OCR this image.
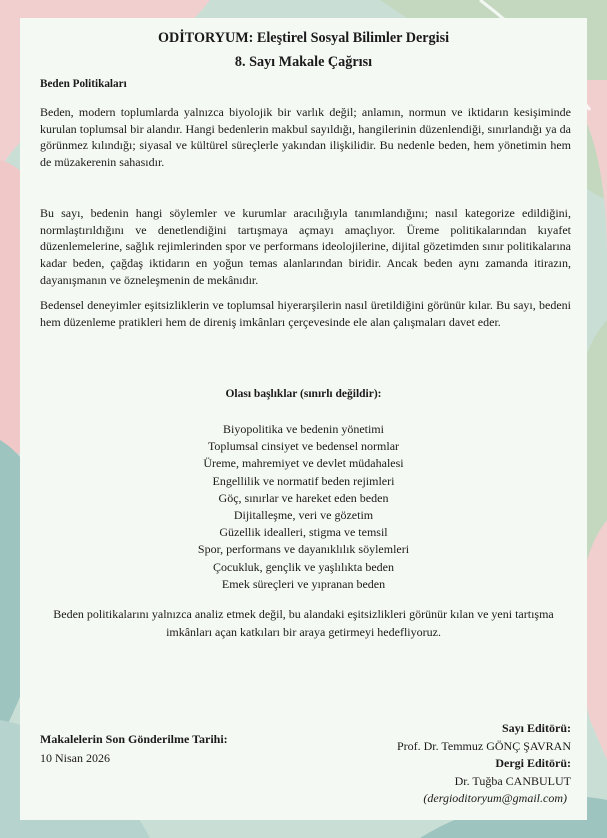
ODİTORYUM: Eleştirel Sosyal Bilimler Dergisi
8. Sayı Makale Çağrısı
Beden Politikaları

Beden, modern toplumlarda yalnızca biyolojik bir varlık değil; anlamın, normun ve iktidarın kesişiminde kurulan toplumsal bir alandır. Hangi bedenlerin makbul sayıldığı, hangilerinin düzenlendiği, sınırlandığı ya da görünmez kılındığı; siyasal ve kültürel süreçlerle yakından ilişkilidir. Bu nedenle beden, hem yönetimin hem de müzakerenin sahasıdır.

Bu sayı, bedenin hangi söylemler ve kurumlar aracılığıyla tanımlandığını; nasıl kategorize edildiğini, normlaştırıldığını ve denetlendiğini tartışmaya açmayı amaçlıyor. Üreme politikalarından kıyafet düzenlemelerine, sağlık rejimlerinden spor ve performans ideolojilerine, dijital gözetimden sınır politikalarına kadar beden, çağdaş iktidarın en yoğun temas alanlarından biridir. Ancak beden aynı zamanda itirazın, dayanışmanın ve özneleşmenin de mekânıdır.

Bedensel deneyimler eşitsizliklerin ve toplumsal hiyerarşilerin nasıl üretildiğini görünür kılar. Bu sayı, bedeni hem düzenleme pratikleri hem de direniş imkânları çerçevesinde ele alan çalışmaları davet eder.

Olası başlıklar (sınırlı değildir):
Biyopolitika ve bedenin yönetimi
Toplumsal cinsiyet ve bedensel normlar
Üreme, mahremiyet ve devlet müdahalesi
Engellilik ve normatif beden rejimleri
Göç, sınırlar ve hareket eden beden
Dijitalleşme, veri ve gözetim
Güzellik idealleri, stigma ve temsil
Spor, performans ve dayanıklılık söylemleri
Çocukluk, gençlik ve yaşlılıkta beden
Emek süreçleri ve yıpranan beden

Beden politikalarını yalnızca analiz etmek değil, bu alandaki eşitsizlikleri görünür kılan ve yeni tartışma imkânları açan katkıları bir araya getirmeyi hedefliyoruz.

Makalelerin Son Gönderilme Tarihi:
10 Nisan 2026
Sayı Editörü:
Prof. Dr. Temmuz GÖNÇ ŞAVRAN
Dergi Editörü:
Dr. Tuğba CANBULUT
(dergioditoryum@gmail.com)
